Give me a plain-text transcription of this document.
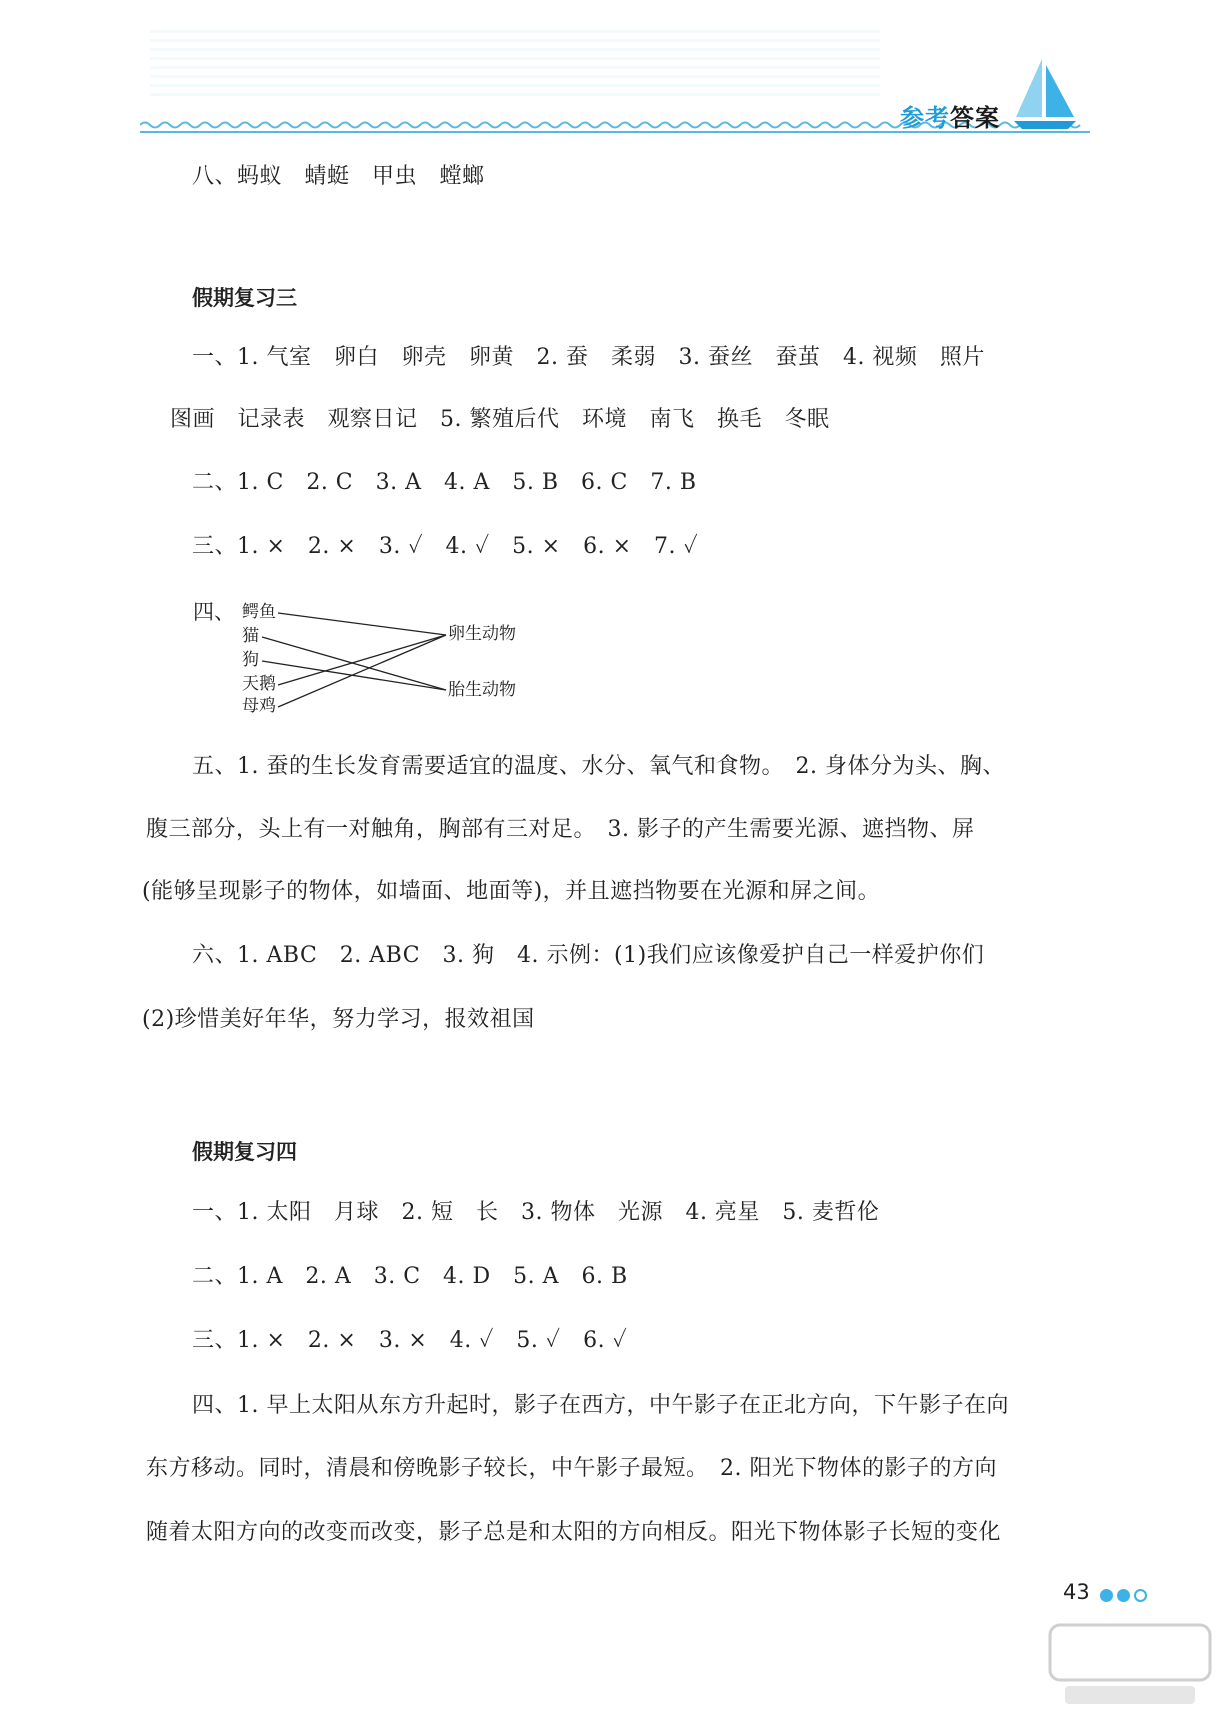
参考答案
八、蚂蚁　蜻蜓　甲虫　螳螂
假期复习三
一、1. 气室　卵白　卵壳　卵黄　2. 蚕　柔弱　3. 蚕丝　蚕茧　4. 视频　照片
图画　记录表　观察日记　5. 繁殖后代　环境　南飞　换毛　冬眠
二、1. C　2. C　3. A　4. A　5. B　6. C　7. B
三、1. ×　2. ×　3. ✓　4. ✓　5. ×　6. ×　7. ✓
四、 鳄鱼
猫
狗
天鹅
母鸡
卵生动物
胎生动物
五、1. 蚕的生长发育需要适宜的温度、水分、氧气和食物。　2. 身体分为头、胸、
腹三部分，头上有一对触角，胸部有三对足。　3. 影子的产生需要光源、遮挡物、屏
(能够呈现影子的物体，如墙面、地面等)，并且遮挡物要在光源和屏之间。
六、1. ABC　2. ABC　3. 狗　4. 示例：(1)我们应该像爱护自己一样爱护你们
(2)珍惜美好年华，努力学习，报效祖国
假期复习四
一、1. 太阳　月球　2. 短　长　3. 物体　光源　4. 亮星　5. 麦哲伦
二、1. A　2. A　3. C　4. D　5. A　6. B
三、1. ×　2. ×　3. ×　4. ✓　5. ✓　6. ✓
四、1. 早上太阳从东方升起时，影子在西方，中午影子在正北方向，下午影子在向
东方移动。同时，清晨和傍晚影子较长，中午影子最短。　2. 阳光下物体的影子的方向
随着太阳方向的改变而改变，影子总是和太阳的方向相反。阳光下物体影子长短的变化
43
